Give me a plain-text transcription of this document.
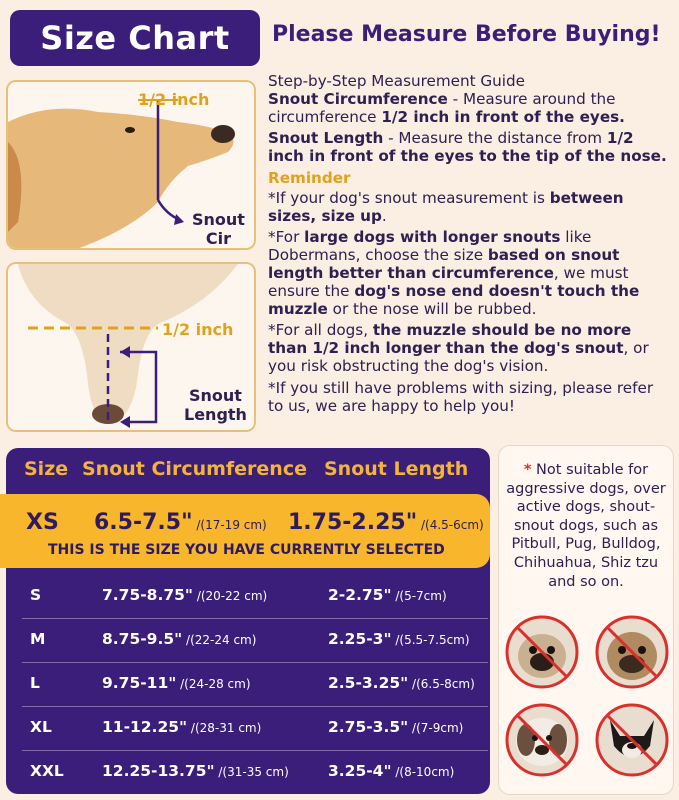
Size Chart	Please Measure Before Buying!
1/2 inch
Snout
Cir
1/2 inch
Snout
Length
Step-by-Step Measurement Guide

Snout Circumference - Measure around the circumference 1/2 inch in front of the eyes.

Snout Length - Measure the distance from 1/2 inch in front of the eyes to the tip of the nose.

Reminder

*If your dog's snout measurement is between sizes, size up.

*For large dogs with longer snouts like Dobermans, choose the size based on snout length better than circumference, we must ensure the dog's nose end doesn't touch the muzzle or the nose will be rubbed.

*For all dogs, the muzzle should be no more than 1/2 inch longer than the dog's snout, or you risk obstructing the dog's vision.

*If you still have problems with sizing, please refer to us, we are happy to help you!

Size Snout Circumference Snout Length
XS 6.5-7.5" /(17-19 cm) 1.75-2.25" /(4.5-6cm)
THIS IS THE SIZE YOU HAVE CURRENTLY SELECTED
S	7.75-8.75" /(20-22 cm)	2-2.75" /(5-7cm)
M	8.75-9.5" /(22-24 cm)	2.25-3" /(5.5-7.5cm)
L	9.75-11" /(24-28 cm)	2.5-3.25" /(6.5-8cm)
XL	11-12.25" /(28-31 cm)	2.75-3.5" /(7-9cm)
XXL 12.25-13.75" /(31-35 cm)	3.25-4" /(8-10cm)
* Not suitable for aggressive dogs, over active dogs, shout-snout dogs, such as Pitbull, Pug, Bulldog, Chihuahua, Shiz tzu and so on.
